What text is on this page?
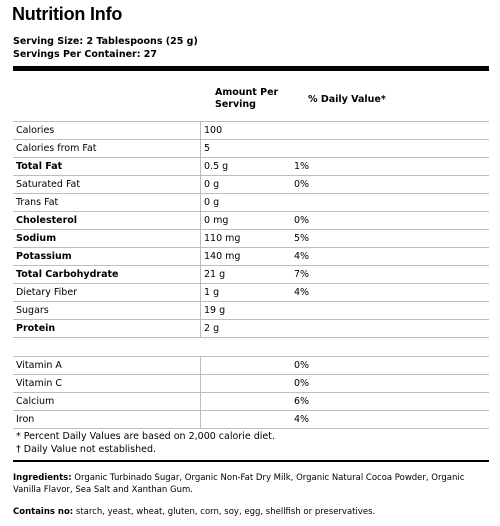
Nutrition Info
Serving Size: 2 Tablespoons (25 g)
Servings Per Container: 27
Amount Per
Serving	% Daily Value*
Calories	100	
Calories from Fat	5	
Total Fat	0.5 g	1%
Saturated Fat	0 g	0%
Trans Fat	0 g	
Cholesterol	0 mg	0%
Sodium	110 mg	5%
Potassium	140 mg	4%
Total Carbohydrate	21 g	7%
Dietary Fiber	1 g	4%
Sugars	19 g	
Protein	2 g	
Vitamin A		0%
Vitamin C		0%
Calcium		6%
Iron		4%
* Percent Daily Values are based on 2,000 calorie diet.
† Daily Value not established.
Ingredients: Organic Turbinado Sugar, Organic Non-Fat Dry Milk, Organic Natural Cocoa Powder, Organic Vanilla Flavor, Sea Salt and Xanthan Gum.
Contains no: starch, yeast, wheat, gluten, corn, soy, egg, shellfish or preservatives.
